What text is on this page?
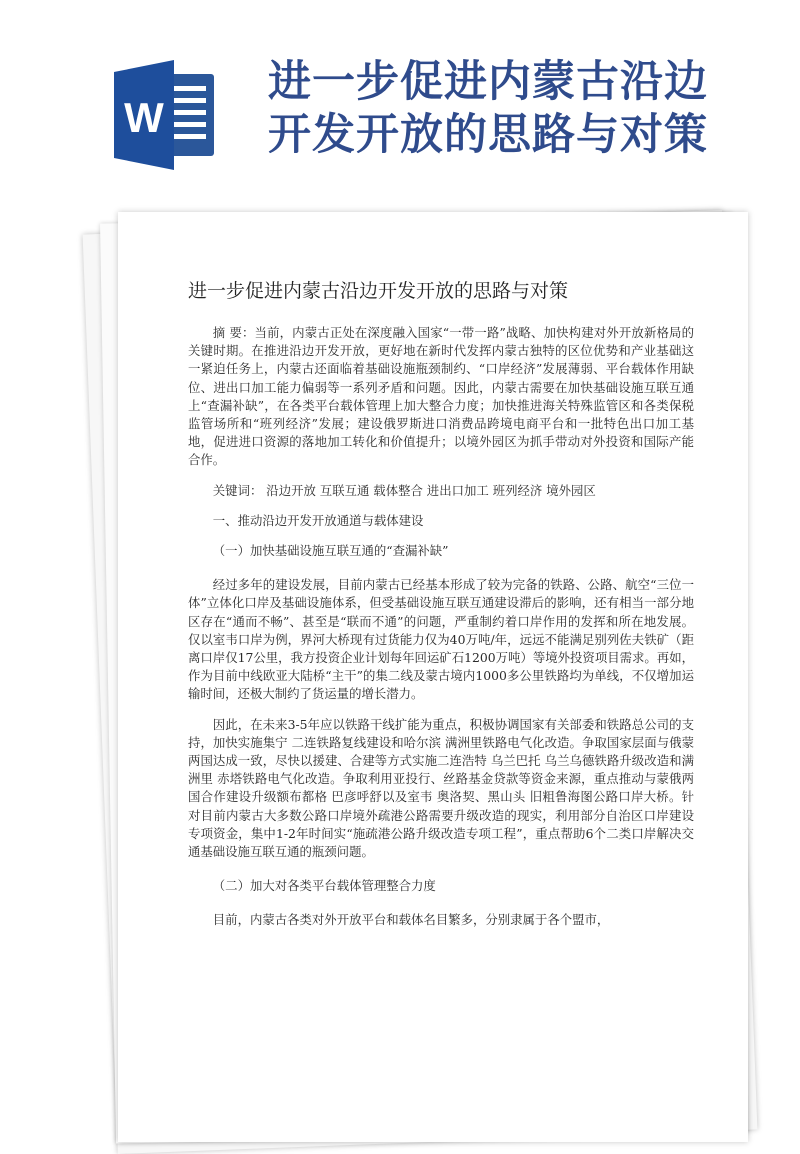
W
进一步促进内蒙古沿边
开发开放的思路与对策
进一步促进内蒙古沿边开发开放的思路与对策

摘 要：当前，内蒙古正处在深度融入国家“一带一路”战略、加快构建对外开放新格局的关键时期。在推进沿边开发开放，更好地在新时代发挥内蒙古独特的区位优势和产业基础这一紧迫任务上，内蒙古还面临着基础设施瓶颈制约、“口岸经济”发展薄弱、平台载体作用缺位、进出口加工能力偏弱等一系列矛盾和问题。因此，内蒙古需要在加快基础设施互联互通上“查漏补缺”，在各类平台载体管理上加大整合力度；加快推进海关特殊监管区和各类保税监管场所和“班列经济”发展；建设俄罗斯进口消费品跨境电商平台和一批特色出口加工基地，促进进口资源的落地加工转化和价值提升；以境外园区为抓手带动对外投资和国际产能合作。

关键词： 沿边开放 互联互通 载体整合 进出口加工 班列经济 境外园区

一、推动沿边开发开放通道与载体建设

（一）加快基础设施互联互通的“查漏补缺”

经过多年的建设发展，目前内蒙古已经基本形成了较为完备的铁路、公路、航空“三位一体”立体化口岸及基础设施体系，但受基础设施互联互通建设滞后的影响，还有相当一部分地区存在“通而不畅”、甚至是“联而不通”的问题，严重制约着口岸作用的发挥和所在地发展。仅以室韦口岸为例，界河大桥现有过货能力仅为40万吨/年，远远不能满足别列佐夫铁矿（距离口岸仅17公里，我方投资企业计划每年回运矿石1200万吨）等境外投资项目需求。再如，作为目前中线欧亚大陆桥“主干”的集二线及蒙古境内1000多公里铁路均为单线，不仅增加运输时间，还极大制约了货运量的增长潜力。

因此，在未来3-5年应以铁路干线扩能为重点，积极协调国家有关部委和铁路总公司的支持，加快实施集宁 二连铁路复线建设和哈尔滨 满洲里铁路电气化改造。争取国家层面与俄蒙两国达成一致，尽快以援建、合建等方式实施二连浩特 乌兰巴托 乌兰乌德铁路升级改造和满洲里 赤塔铁路电气化改造。争取利用亚投行、丝路基金贷款等资金来源，重点推动与蒙俄两国合作建设升级额布都格 巴彦呼舒以及室韦 奥洛契、黑山头 旧粗鲁海图公路口岸大桥。针对目前内蒙古大多数公路口岸境外疏港公路需要升级改造的现实，利用部分自治区口岸建设专项资金，集中1-2年时间实“施疏港公路升级改造专项工程”，重点帮助6个二类口岸解决交通基础设施互联互通的瓶颈问题。

（二）加大对各类平台载体管理整合力度

目前，内蒙古各类对外开放平台和载体名目繁多，分别隶属于各个盟市，
